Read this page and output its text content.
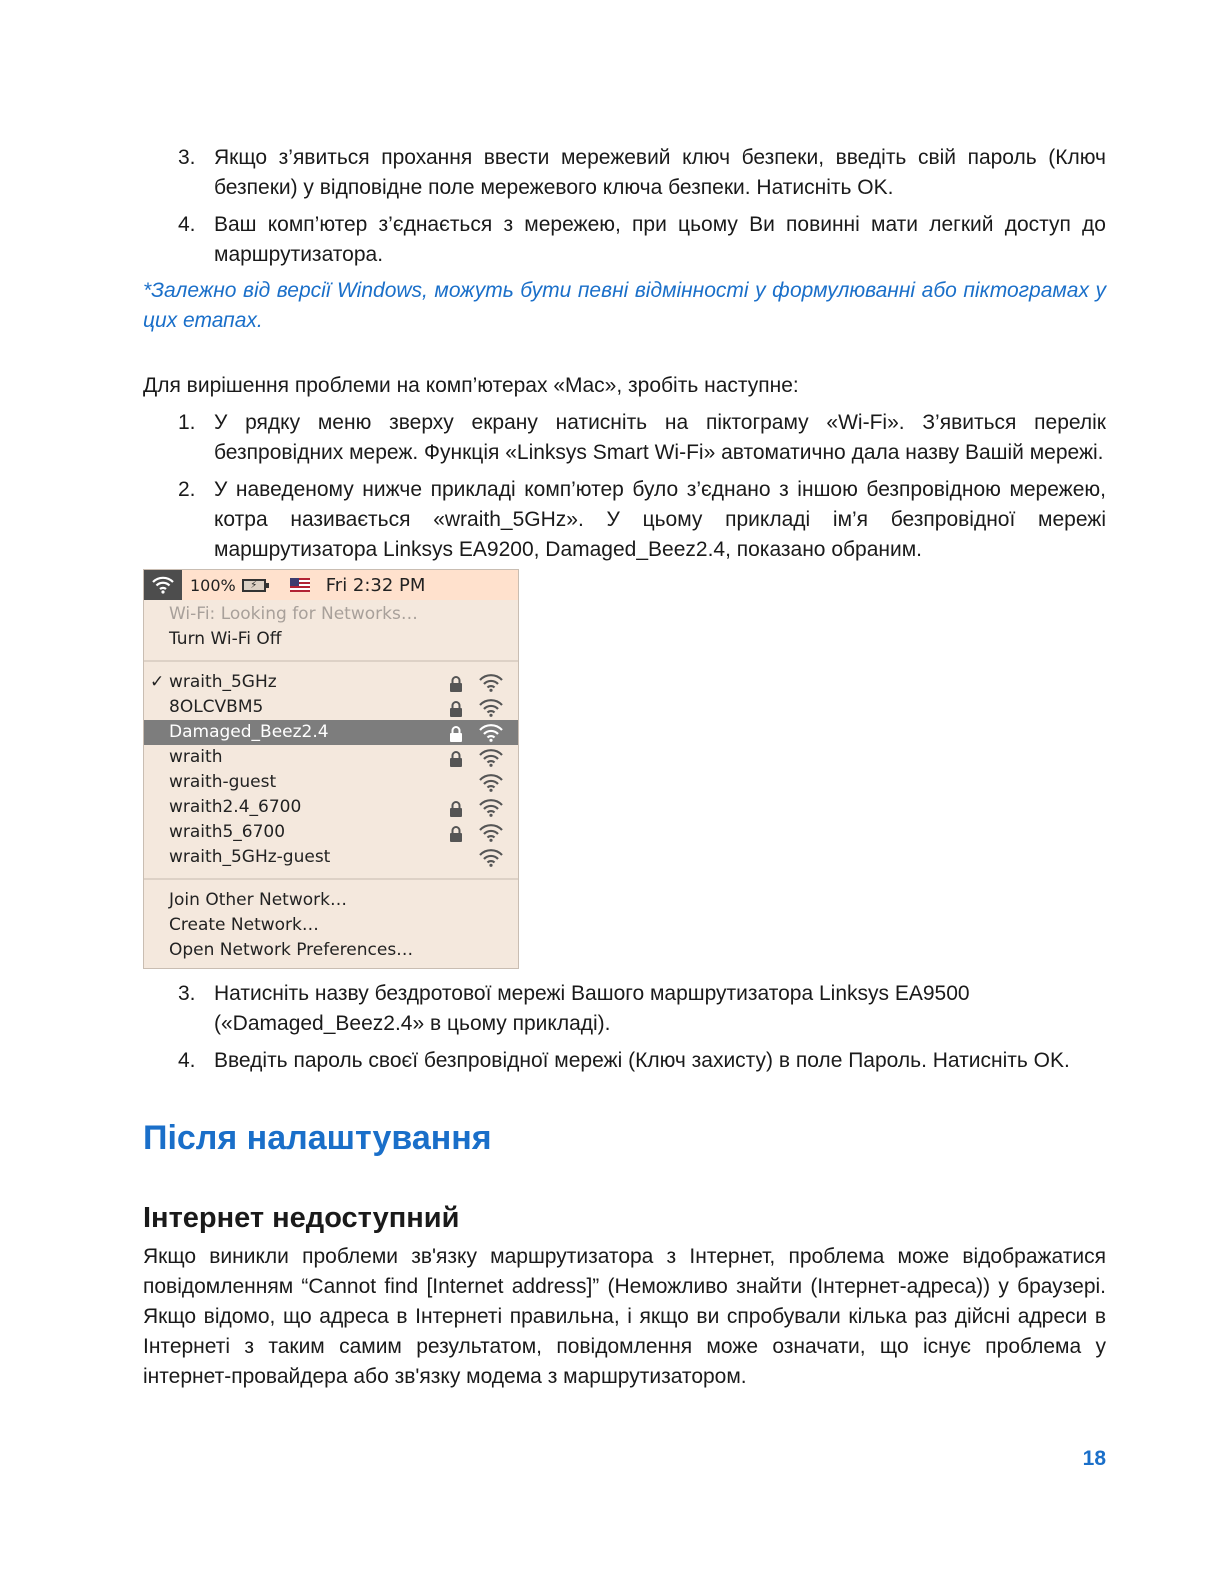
3. Якщо з’явиться прохання ввести мережевий ключ безпеки, введіть свій пароль (Ключ безпеки) у відповідне поле мережевого ключа безпеки. Натисніть OK.
4. Ваш комп’ютер з’єднається з мережею, при цьому Ви повинні мати легкий доступ до маршрутизатора.

*Залежно від версії Windows, можуть бути певні відмінності у формулюванні або піктограмах у цих етапах.

Для вирішення проблеми на комп’ютерах «Mac», зробіть наступне:

1. У рядку меню зверху екрану натисніть на піктограму «Wi-Fi». З’явиться перелік безпровідних мереж. Функція «Linksys Smart Wi-Fi» автоматично дала назву Вашій мережі.
2. У наведеному нижче прикладі комп’ютер було з’єднано з іншою безпровідною мережею, котра називається «wraith_5GHz». У цьому прикладі ім’я безпровідної мережі маршрутизатора Linksys EA9200, Damaged_Beez2.4, показано обраним.
100%	⚡	Fri 2:32 PM
Wi-Fi: Looking for Networks…
Turn Wi-Fi Off
✓ wraith_5GHz
8OLCVBM5
Damaged_Beez2.4
wraith
wraith-guest
wraith2.4_6700
wraith5_6700
wraith_5GHz-guest
Join Other Network…
Create Network…
Open Network Preferences…
3. Натисніть назву бездротової мережі Вашого маршрутизатора Linksys EA9500 («Damaged_Beez2.4» в цьому прикладі).
4. Введіть пароль своєї безпровідної мережі (Ключ захисту) в поле Пароль. Натисніть OK.
Після налаштування
Інтернет недоступний

Якщо виникли проблеми зв'язку маршрутизатора з Інтернет, проблема може відображатися повідомленням “Cannot find [Internet address]” (Неможливо знайти (Інтернет-адреса)) у браузері. Якщо відомо, що адреса в Інтернеті правильна, і якщо ви спробували кілька раз дійсні адреси в Інтернеті з таким самим результатом, повідомлення може означати, що існує проблема у інтернет-провайдера або зв'язку модема з маршрутизатором.

18
